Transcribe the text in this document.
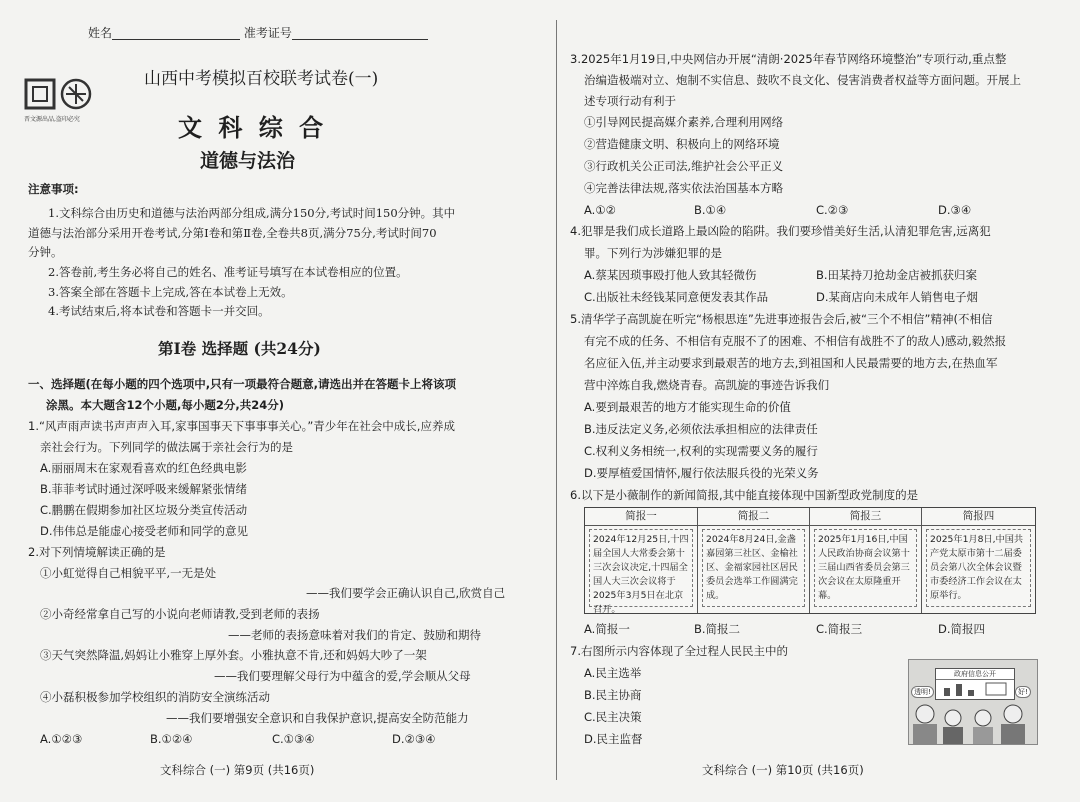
姓名	准考证号
山西中考模拟百校联考试卷(一)
晋文源出品,盗印必究	文 科 综 合
道德与法治
注意事项:
1.文科综合由历史和道德与法治两部分组成,满分150分,考试时间150分钟。其中
道德与法治部分采用开卷考试,分第Ⅰ卷和第Ⅱ卷,全卷共8页,满分75分,考试时间70
分钟。
2.答卷前,考生务必将自己的姓名、准考证号填写在本试卷相应的位置。
3.答案全部在答题卡上完成,答在本试卷上无效。
4.考试结束后,将本试卷和答题卡一并交回。
第Ⅰ卷 选择题 (共24分)
一、选择题(在每小题的四个选项中,只有一项最符合题意,请选出并在答题卡上将该项
涂黑。本大题含12个小题,每小题2分,共24分)
1.“风声雨声读书声声声入耳,家事国事天下事事事关心。”青少年在社会中成长,应养成
亲社会行为。下列同学的做法属于亲社会行为的是
A.丽丽周末在家观看喜欢的红色经典电影
B.菲菲考试时通过深呼吸来缓解紧张情绪
C.鹏鹏在假期参加社区垃圾分类宣传活动
D.伟伟总是能虚心接受老师和同学的意见
2.对下列情境解读正确的是
①小虹觉得自己相貌平平,一无是处
——我们要学会正确认识自己,欣赏自己
②小奇经常拿自己写的小说向老师请教,受到老师的表扬
——老师的表扬意味着对我们的肯定、鼓励和期待
③天气突然降温,妈妈让小雅穿上厚外套。小雅执意不肯,还和妈妈大吵了一架
——我们要理解父母行为中蕴含的爱,学会顺从父母
④小磊积极参加学校组织的消防安全演练活动
——我们要增强安全意识和自我保护意识,提高安全防范能力
A.①②③	B.①②④	C.①③④	D.②③④
文科综合 (一) 第9页 (共16页)
3.2025年1月19日,中央网信办开展“清朗·2025年春节网络环境整治”专项行动,重点整
治编造极端对立、炮制不实信息、鼓吹不良文化、侵害消费者权益等方面问题。开展上
述专项行动有利于
①引导网民提高媒介素养,合理利用网络
②营造健康文明、积极向上的网络环境
③行政机关公正司法,维护社会公平正义
④完善法律法规,落实依法治国基本方略
A.①②	B.①④	C.②③	D.③④
4.犯罪是我们成长道路上最凶险的陷阱。我们要珍惜美好生活,认清犯罪危害,远离犯
罪。下列行为涉嫌犯罪的是
A.蔡某因琐事殴打他人致其轻微伤	B.田某持刀抢劫金店被抓获归案
C.出版社未经钱某同意便发表其作品	D.某商店向未成年人销售电子烟
5.清华学子高凯旋在听完“杨根思连”先进事迹报告会后,被“三个不相信”精神(不相信
有完不成的任务、不相信有克服不了的困难、不相信有战胜不了的敌人)感动,毅然报
名应征入伍,并主动要求到最艰苦的地方去,到祖国和人民最需要的地方去,在热血军
营中淬炼自我,燃烧青春。高凯旋的事迹告诉我们
A.要到最艰苦的地方才能实现生命的价值
B.违反法定义务,必须依法承担相应的法律责任
C.权利义务相统一,权利的实现需要义务的履行
D.要厚植爱国情怀,履行依法服兵役的光荣义务
6.以下是小薇制作的新闻简报,其中能直接体现中国新型政党制度的是
简报一
2024年12月25日,十四届全国人大常委会第十三次会议决定,十四届全国人大三次会议将于2025年3月5日在北京召开。
简报二
2024年8月24日,金盏嘉园第三社区、金榆社区、金福家园社区居民委员会选举工作圆满完成。
简报三
2025年1月16日,中国人民政治协商会议第十三届山西省委员会第三次会议在太原隆重开幕。
简报四
2025年1月8日,中国共产党太原市第十二届委员会第八次全体会议暨市委经济工作会议在太原举行。
A.简报一	B.简报二	C.简报三	D.简报四
7.右图所示内容体现了全过程人民民主中的
A.民主选举
B.民主协商
C.民主决策
D.民主监督
政府信息公开
透明!	好!
文科综合 (一) 第10页 (共16页)
